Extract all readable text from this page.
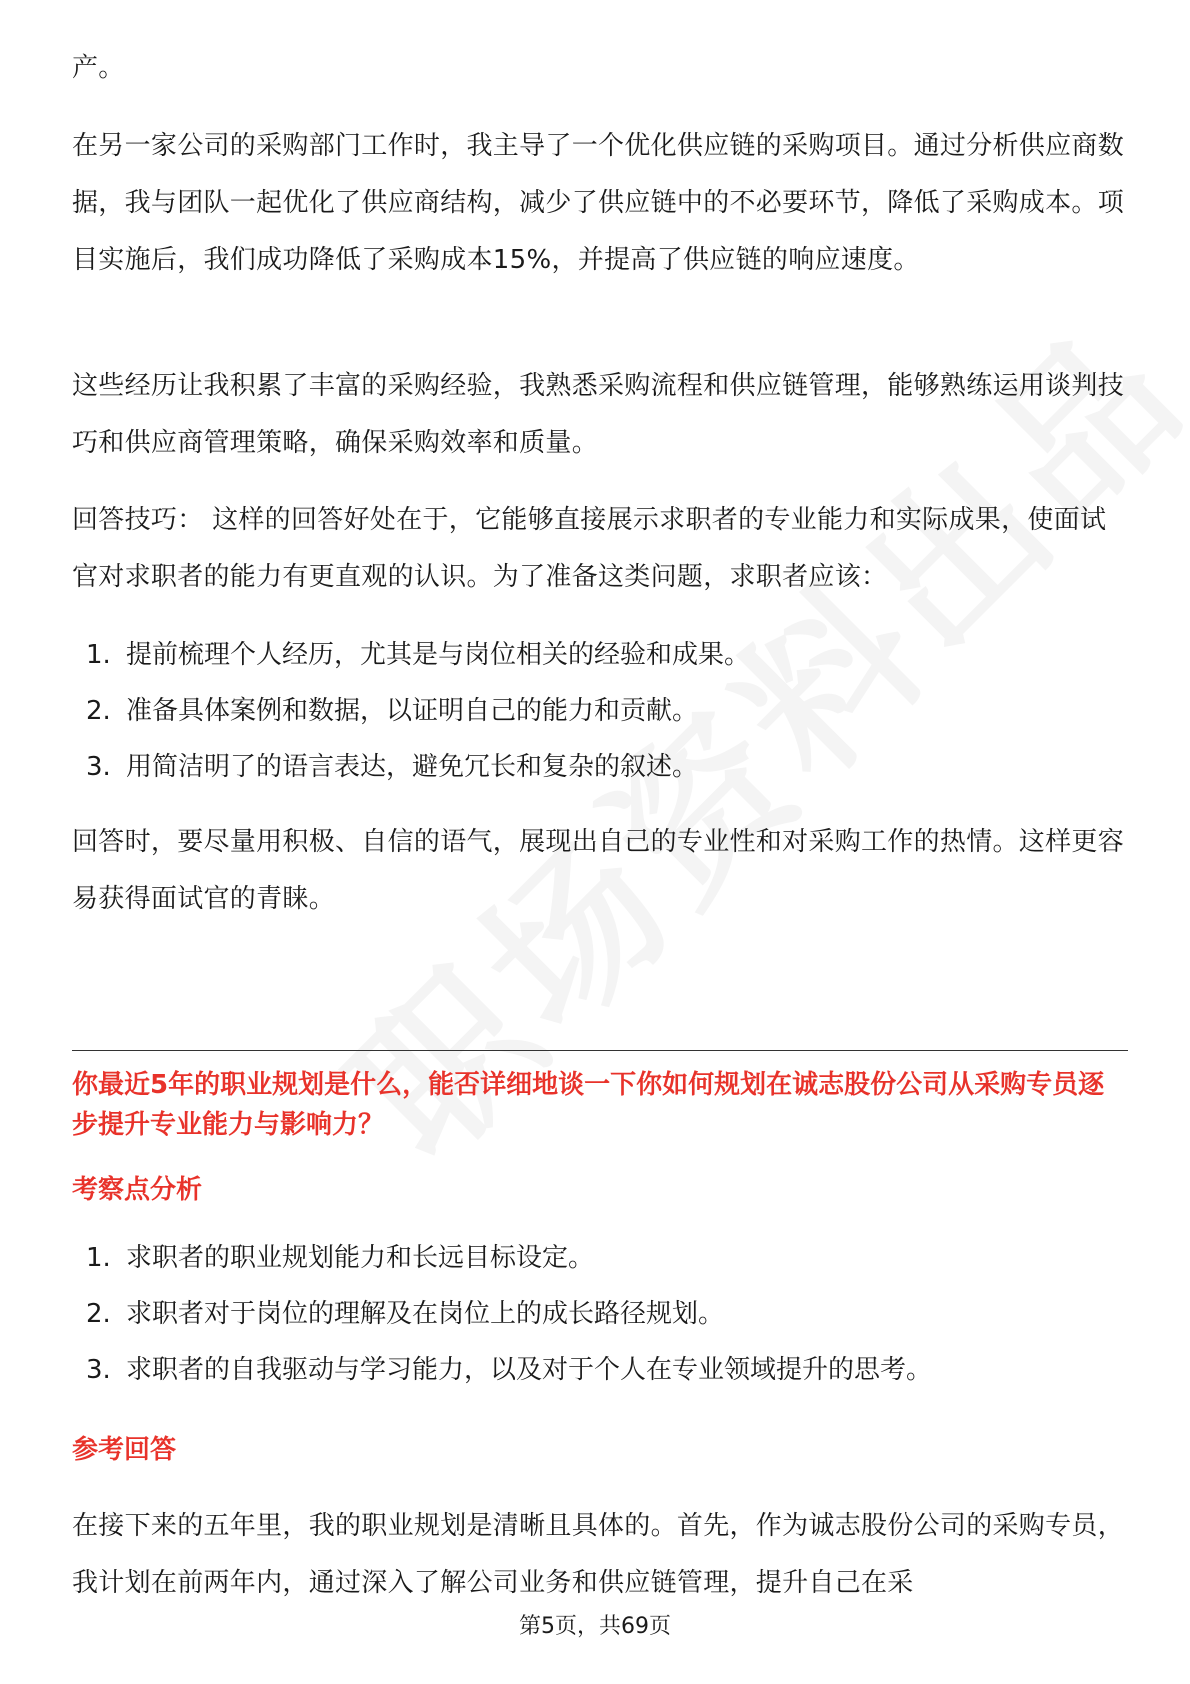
产。

在另一家公司的采购部门工作时，我主导了一个优化供应链的采购项目。通过分析供应商数据，我与团队一起优化了供应商结构，减少了供应链中的不必要环节，降低了采购成本。项目实施后，我们成功降低了采购成本15%，并提高了供应链的响应速度。

这些经历让我积累了丰富的采购经验，我熟悉采购流程和供应链管理，能够熟练运用谈判技巧和供应商管理策略，确保采购效率和质量。

回答技巧： 这样的回答好处在于，它能够直接展示求职者的专业能力和实际成果，使面试官对求职者的能力有更直观的认识。为了准备这类问题，求职者应该：

1. 提前梳理个人经历，尤其是与岗位相关的经验和成果。
2. 准备具体案例和数据，以证明自己的能力和贡献。
3. 用简洁明了的语言表达，避免冗长和复杂的叙述。

回答时，要尽量用积极、自信的语气，展现出自己的专业性和对采购工作的热情。这样更容易获得面试官的青睐。

你最近5年的职业规划是什么，能否详细地谈一下你如何规划在诚志股份公司从采购专员逐步提升专业能力与影响力？
考察点分析
1. 求职者的职业规划能力和长远目标设定。
2. 求职者对于岗位的理解及在岗位上的成长路径规划。
3. 求职者的自我驱动与学习能力，以及对于个人在专业领域提升的思考。
参考回答

在接下来的五年里，我的职业规划是清晰且具体的。首先，作为诚志股份公司的采购专员，我计划在前两年内，通过深入了解公司业务和供应链管理，提升自己在采

第5页，共69页
